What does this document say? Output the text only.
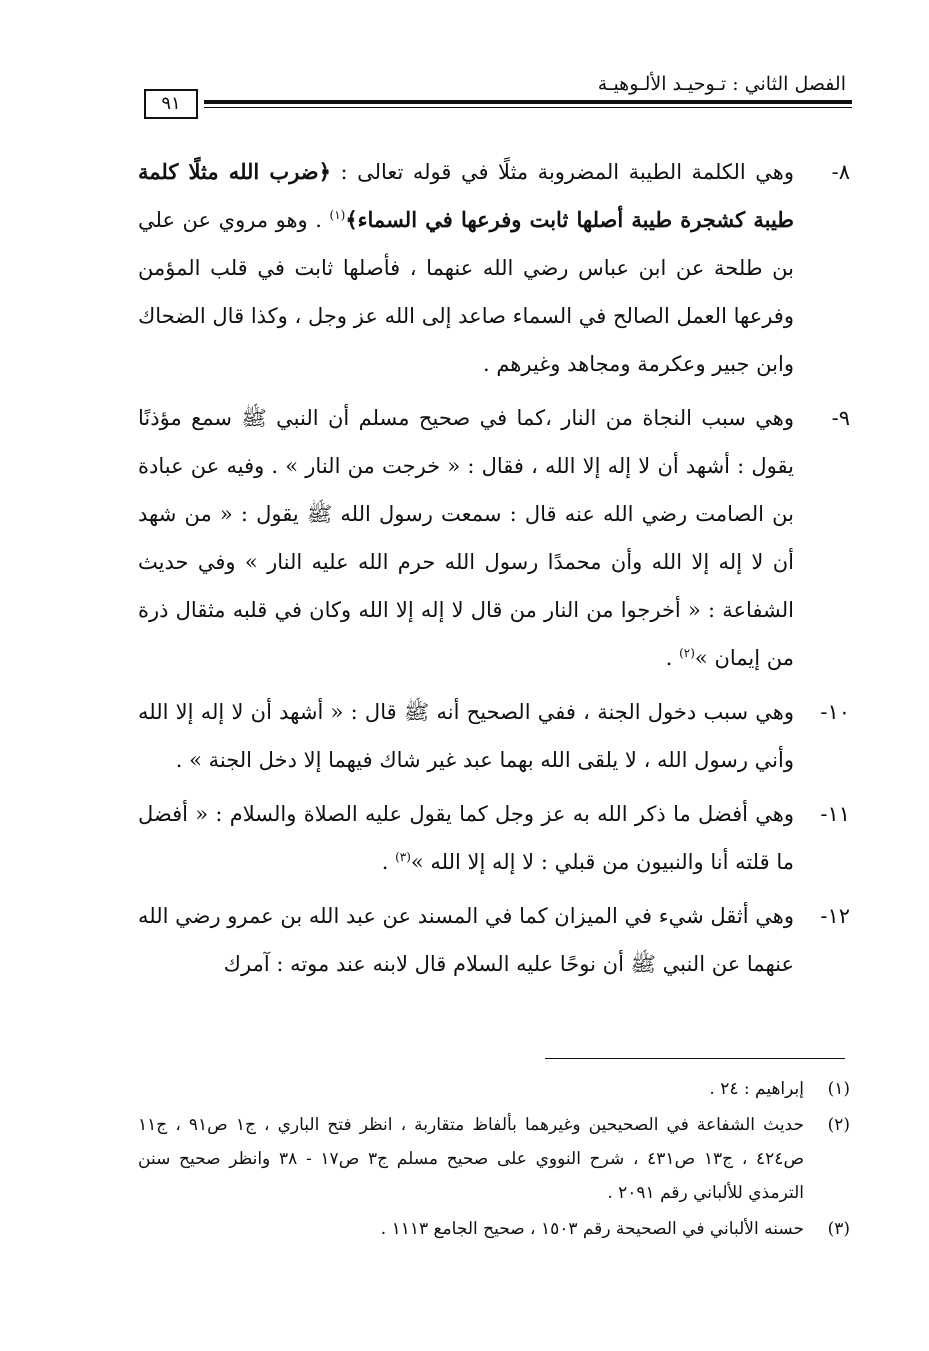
الفصل الثاني : تـوحيـد الألـوهيـة
٩١
٨-
وهي الكلمة الطيبة المضروبة مثلًا في قوله تعالى : ﴿ضرب الله مثلًا كلمة طيبة كشجرة طيبة أصلها ثابت وفرعها في السماء﴾$^{(١)}$ . وهو مروي عن علي بن طلحة عن ابن عباس رضي الله عنهما ، فأصلها ثابت في قلب المؤمن وفرعها العمل الصالح في السماء صاعد إلى الله عز وجل ، وكذا قال الضحاك وابن جبير وعكرمة ومجاهد وغيرهم .
٩-
وهي سبب النجاة من النار ،كما في صحيح مسلم أن النبي ﷺ سمع مؤذنًا يقول : أشهد أن لا إله إلا الله ، فقال : « خرجت من النار » . وفيه عن عبادة بن الصامت رضي الله عنه قال : سمعت رسول الله ﷺ يقول : « من شهد أن لا إله إلا الله وأن محمدًا رسول الله حرم الله عليه النار » وفي حديث الشفاعة : « أخرجوا من النار من قال لا إله إلا الله وكان في قلبه مثقال ذرة من إيمان »$^{(٢)}$ .
١٠-
وهي سبب دخول الجنة ، ففي الصحيح أنه ﷺ قال : « أشهد أن لا إله إلا الله وأني رسول الله ، لا يلقى الله بهما عبد غير شاك فيهما إلا دخل الجنة » .
١١-
وهي أفضل ما ذكر الله به عز وجل كما يقول عليه الصلاة والسلام : « أفضل ما قلته أنا والنبيون من قبلي : لا إله إلا الله »$^{(٣)}$ .
١٢-
وهي أثقل شيء في الميزان كما في المسند عن عبد الله بن عمرو رضي الله عنهما عن النبي ﷺ أن نوحًا عليه السلام قال لابنه عند موته : آمرك
(١)
إبراهيم : ٢٤ .
(٢)
حديث الشفاعة في الصحيحين وغيرهما بألفاظ متقاربة ، انظر فتح الباري ، ج١ ص٩١ ، ج١١ ص٤٢٤ ، ج١٣ ص٤٣١ ، شرح النووي على صحيح مسلم ج٣ ص١٧ - ٣٨ وانظر صحيح سنن الترمذي للألباني رقم ٢٠٩١ .
(٣)
حسنه الألباني في الصحيحة رقم ١٥٠٣ ، صحيح الجامع ١١١٣ .
